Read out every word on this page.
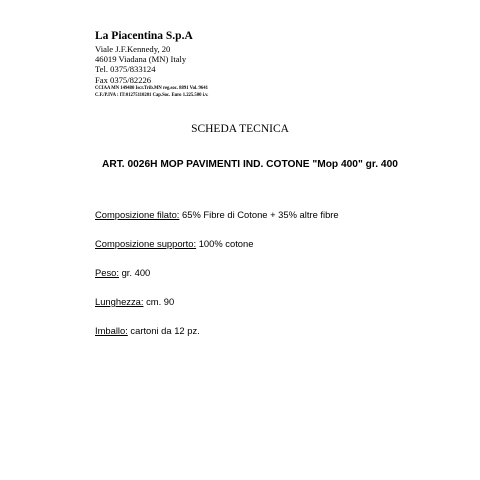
La Piacentina S.p.A
Viale J.F.Kennedy, 20
46019 Viadana (MN) Italy
Tel. 0375/833124
Fax 0375/82226
CCIAA MN 149480 Iscr.Trib.MN reg.soc. 8891 Vol. 9641
C.F./P.IVA : IT:01275110201 Cap.Soc. Euro 1.225.500 i.v.
SCHEDA TECNICA
ART. 0026H MOP PAVIMENTI IND. COTONE "Mop 400" gr. 400
Composizione filato: 65% Fibre di Cotone + 35% altre fibre
Composizione supporto: 100% cotone
Peso: gr. 400
Lunghezza: cm. 90
Imballo: cartoni da 12 pz.
